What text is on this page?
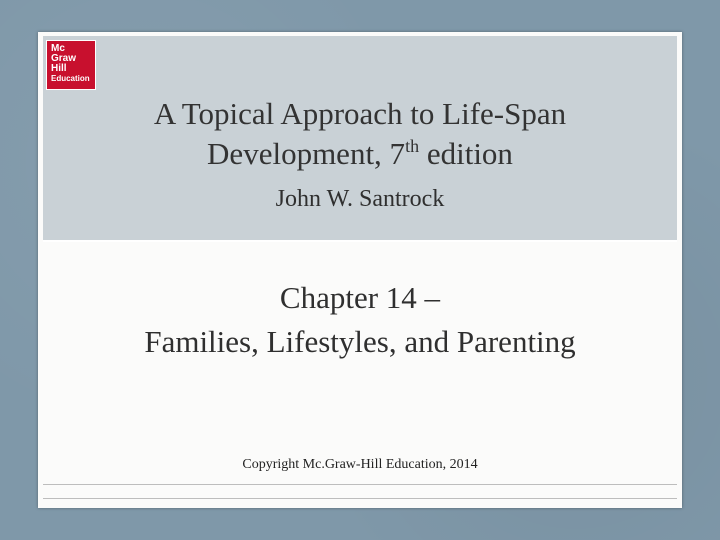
Mc
Graw
Hill
Education
A Topical Approach to Life-Span
Development, 7th edition
John W. Santrock
Chapter 14 –
Families, Lifestyles, and Parenting
Copyright Mc.Graw-Hill Education, 2014
